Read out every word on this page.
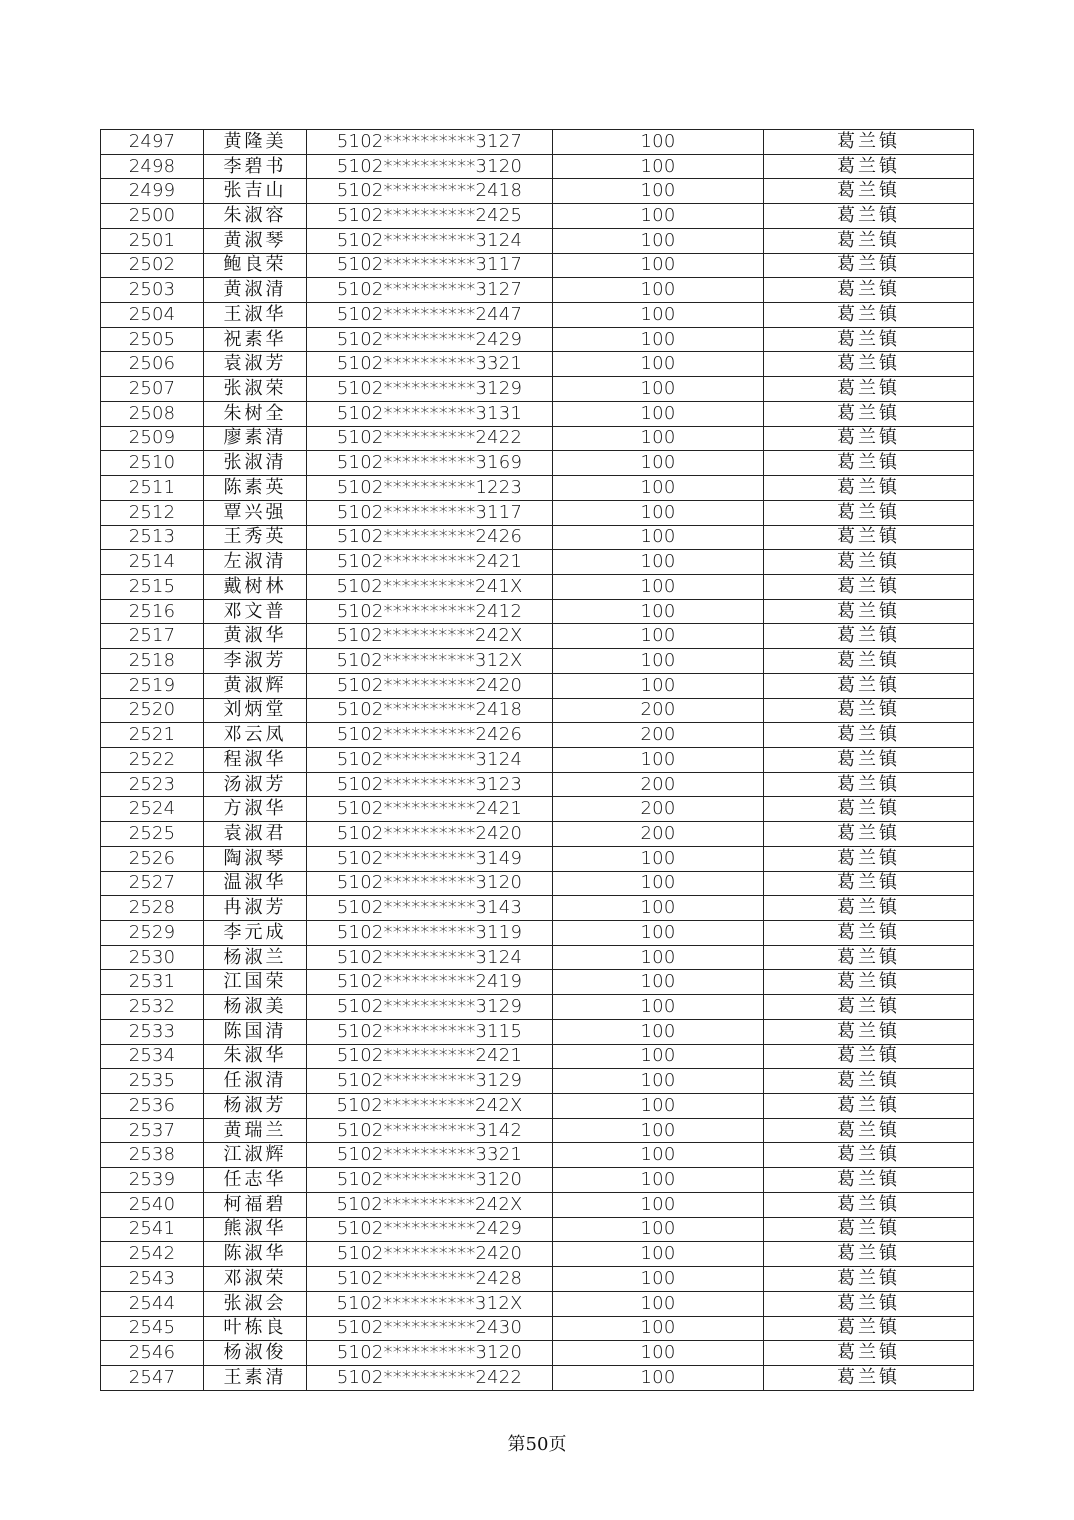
2497	黄隆美	5102**********3127	100	葛兰镇
2498	李碧书	5102**********3120	100	葛兰镇
2499	张吉山	5102**********2418	100	葛兰镇
2500	朱淑容	5102**********2425	100	葛兰镇
2501	黄淑琴	5102**********3124	100	葛兰镇
2502	鲍良荣	5102**********3117	100	葛兰镇
2503	黄淑清	5102**********3127	100	葛兰镇
2504	王淑华	5102**********2447	100	葛兰镇
2505	祝素华	5102**********2429	100	葛兰镇
2506	袁淑芳	5102**********3321	100	葛兰镇
2507	张淑荣	5102**********3129	100	葛兰镇
2508	朱树全	5102**********3131	100	葛兰镇
2509	廖素清	5102**********2422	100	葛兰镇
2510	张淑清	5102**********3169	100	葛兰镇
2511	陈素英	5102**********1223	100	葛兰镇
2512	覃兴强	5102**********3117	100	葛兰镇
2513	王秀英	5102**********2426	100	葛兰镇
2514	左淑清	5102**********2421	100	葛兰镇
2515	戴树林	5102**********241X	100	葛兰镇
2516	邓文普	5102**********2412	100	葛兰镇
2517	黄淑华	5102**********242X	100	葛兰镇
2518	李淑芳	5102**********312X	100	葛兰镇
2519	黄淑辉	5102**********2420	100	葛兰镇
2520	刘炳堂	5102**********2418	200	葛兰镇
2521	邓云凤	5102**********2426	200	葛兰镇
2522	程淑华	5102**********3124	100	葛兰镇
2523	汤淑芳	5102**********3123	200	葛兰镇
2524	方淑华	5102**********2421	200	葛兰镇
2525	袁淑君	5102**********2420	200	葛兰镇
2526	陶淑琴	5102**********3149	100	葛兰镇
2527	温淑华	5102**********3120	100	葛兰镇
2528	冉淑芳	5102**********3143	100	葛兰镇
2529	李元成	5102**********3119	100	葛兰镇
2530	杨淑兰	5102**********3124	100	葛兰镇
2531	江国荣	5102**********2419	100	葛兰镇
2532	杨淑美	5102**********3129	100	葛兰镇
2533	陈国清	5102**********3115	100	葛兰镇
2534	朱淑华	5102**********2421	100	葛兰镇
2535	任淑清	5102**********3129	100	葛兰镇
2536	杨淑芳	5102**********242X	100	葛兰镇
2537	黄瑞兰	5102**********3142	100	葛兰镇
2538	江淑辉	5102**********3321	100	葛兰镇
2539	任志华	5102**********3120	100	葛兰镇
2540	柯福碧	5102**********242X	100	葛兰镇
2541	熊淑华	5102**********2429	100	葛兰镇
2542	陈淑华	5102**********2420	100	葛兰镇
2543	邓淑荣	5102**********2428	100	葛兰镇
2544	张淑会	5102**********312X	100	葛兰镇
2545	叶栋良	5102**********2430	100	葛兰镇
2546	杨淑俊	5102**********3120	100	葛兰镇
2547	王素清	5102**********2422	100	葛兰镇
第50页
